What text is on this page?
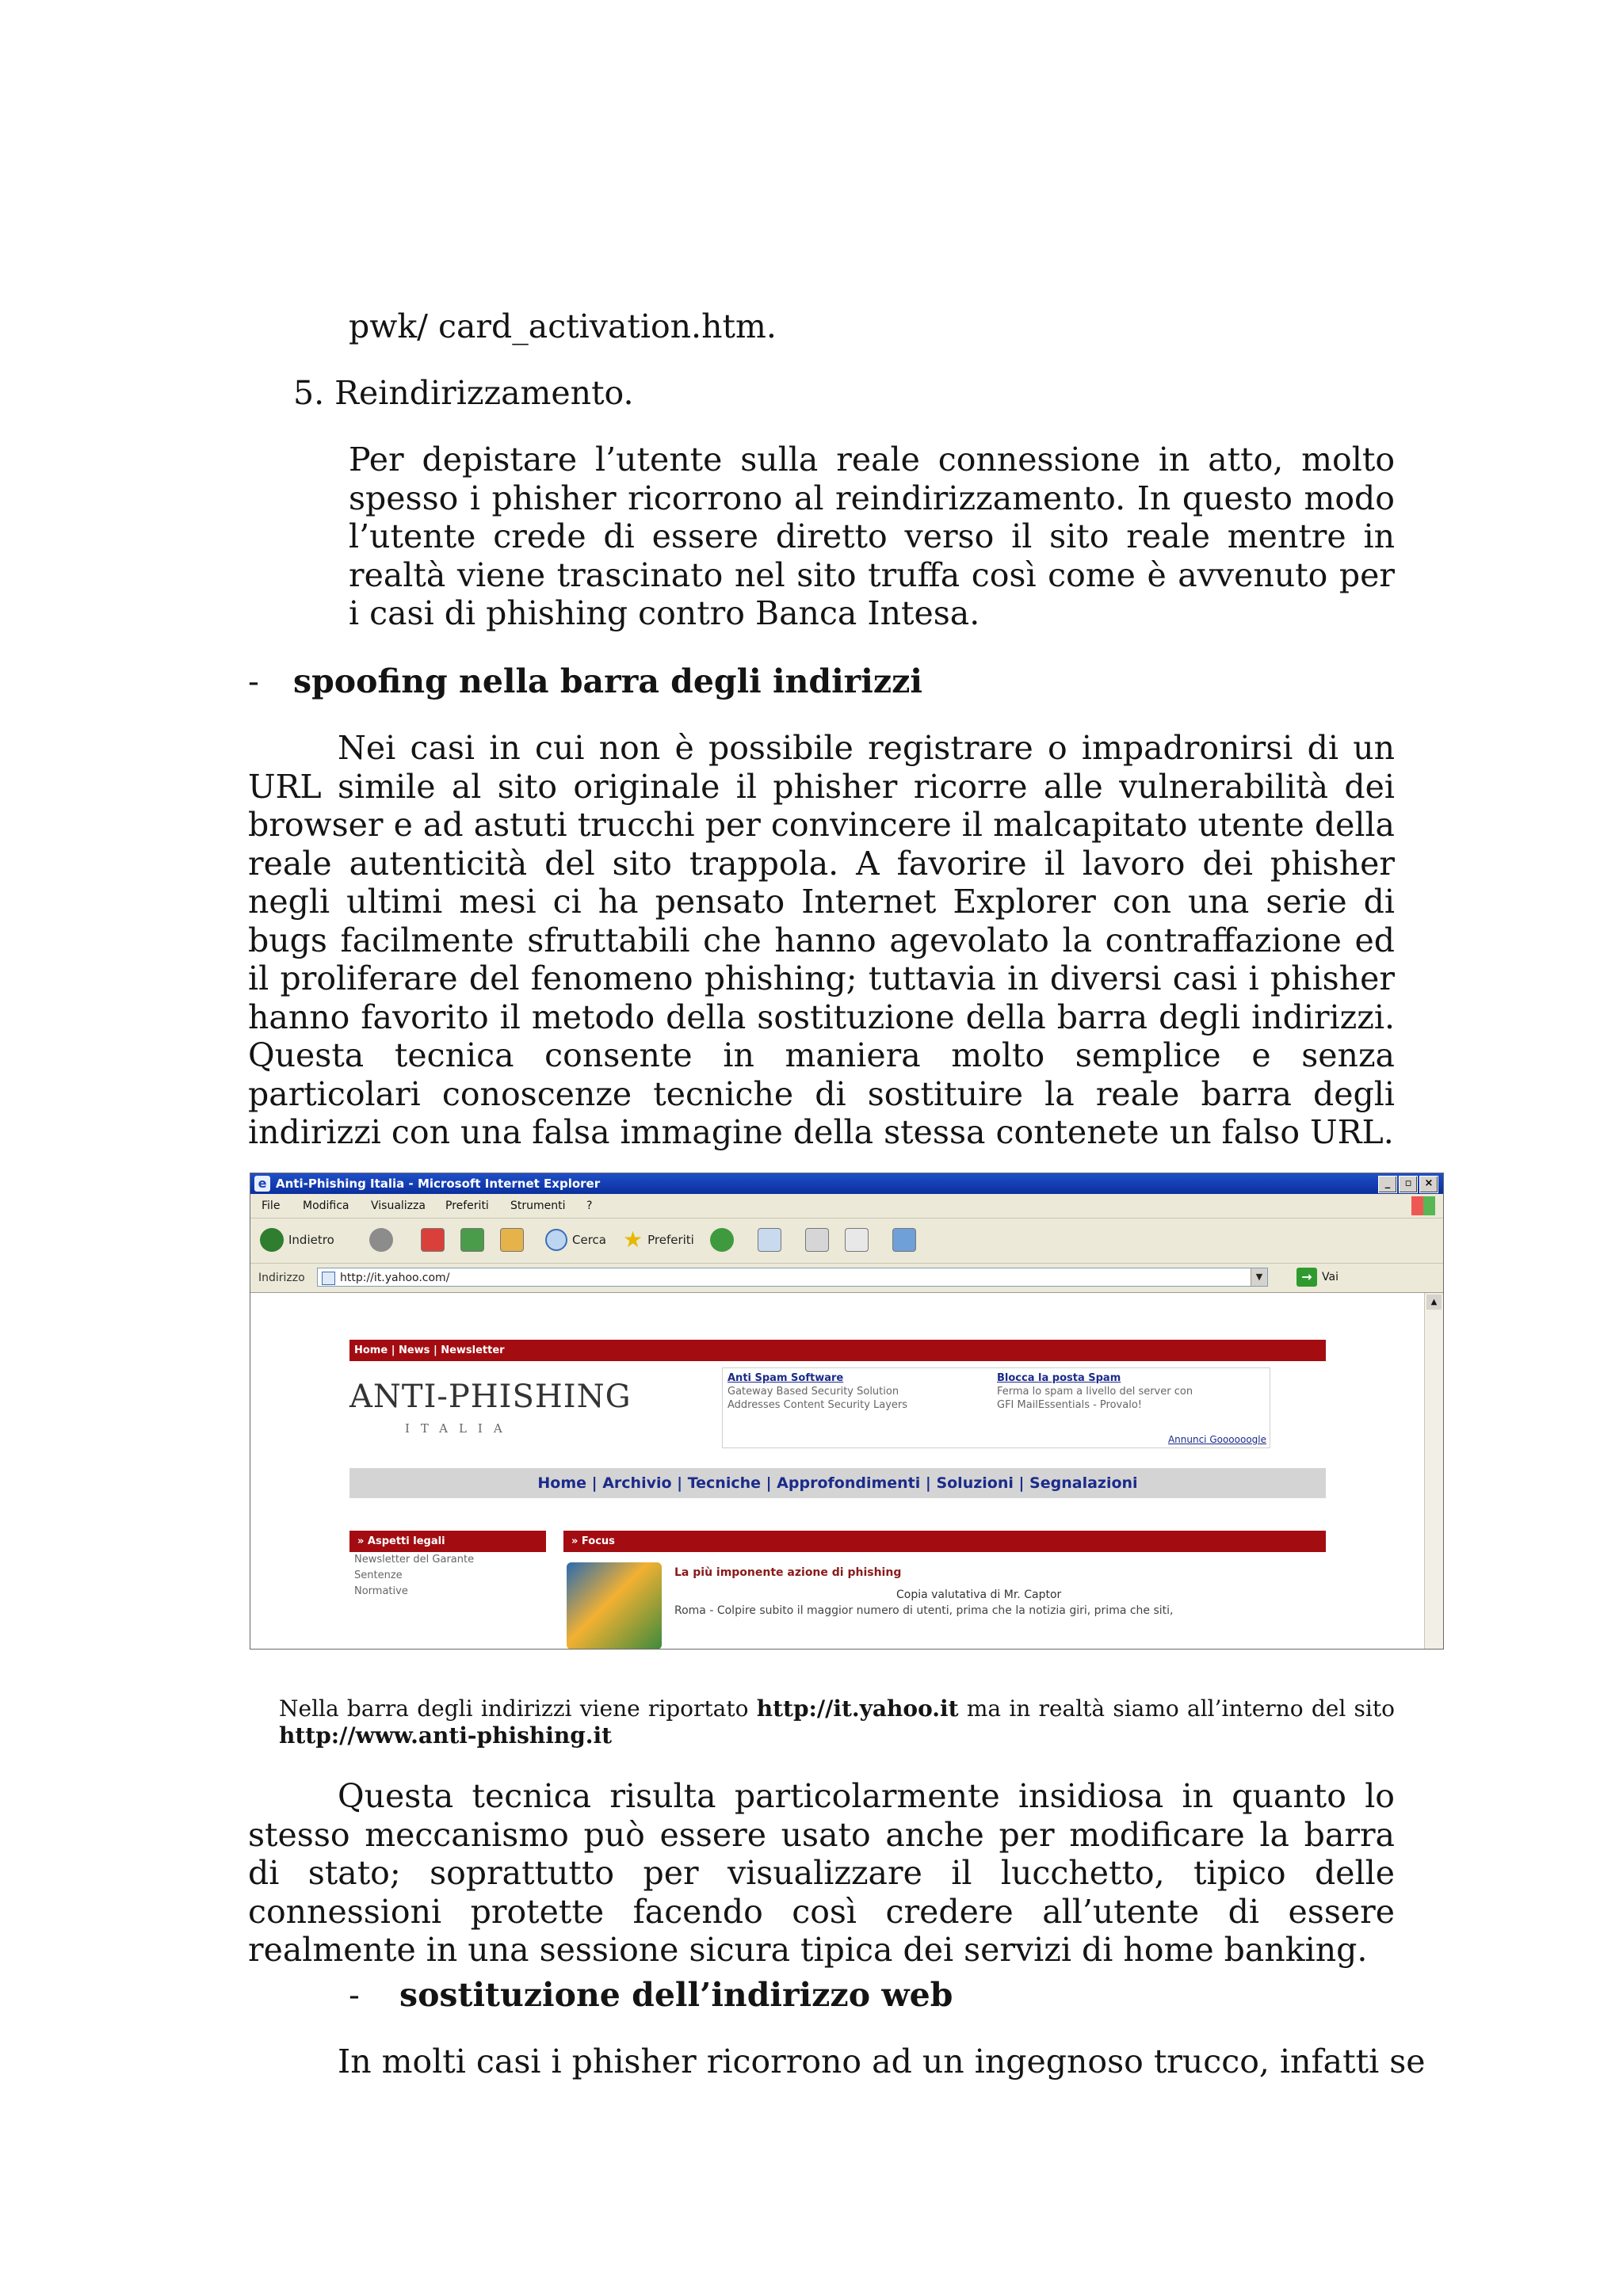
pwk/ card_activation.htm.

5. Reindirizzamento.

Per depistare l’utente sulla reale connessione in atto, molto spesso i phisher ricorrono al reindirizzamento. In questo modo l’utente crede di essere diretto verso il sito reale mentre in realtà viene trascinato nel sito truffa così come è avvenuto per i casi di phishing contro Banca Intesa.

- spoofing nella barra degli indirizzi

Nei casi in cui non è possibile registrare o impadronirsi di un URL simile al sito originale il phisher ricorre alle vulnerabilità dei browser e ad astuti trucchi per convincere il malcapitato utente della reale autenticità del sito trappola. A favorire il lavoro dei phisher negli ultimi mesi ci ha pensato Internet Explorer con una serie di bugs facilmente sfruttabili che hanno agevolato la contraffazione ed il proliferare del fenomeno phishing; tuttavia in diversi casi i phisher hanno favorito il metodo della sostituzione della barra degli indirizzi. Questa tecnica consente in maniera molto semplice e senza particolari conoscenze tecniche di sostituire la reale barra degli indirizzi con una falsa immagine della stessa contenete un falso URL.

e Anti-Phishing Italia - Microsoft Internet Explorer	_	▫	×
File Modifica Visualizza Preferiti Strumenti ?
Indietro	Cerca ★ Preferiti
Indirizzo	http://it.yahoo.com/	▼	→ Vai
Home | News | Newsletter
ANTI-PHISHING
ITALIA
Anti Spam Software
Gateway Based Security Solution
Addresses Content Security Layers
Blocca la posta Spam
Ferma lo spam a livello del server con
GFI MailEssentials - Provalo!
Annunci Goooooogle
Home | Archivio | Tecniche | Approfondimenti | Soluzioni | Segnalazioni
» Aspetti legali
Newsletter del Garante
Sentenze
Normative
» Focus
La più imponente azione di phishing
Copia valutativa di Mr. Captor
Roma - Colpire subito il maggior numero di utenti, prima che la notizia giri, prima che siti,
▲

Nella barra degli indirizzi viene riportato http://it.yahoo.it ma in realtà siamo all’interno del sito http://www.anti-phishing.it

Questa tecnica risulta particolarmente insidiosa in quanto lo stesso meccanismo può essere usato anche per modificare la barra di stato; soprattutto per visualizzare il lucchetto, tipico delle connessioni protette facendo così credere all’utente di essere realmente in una sessione sicura tipica dei servizi di home banking.

- sostituzione dell’indirizzo web

In molti casi i phisher ricorrono ad un ingegnoso trucco, infatti se
